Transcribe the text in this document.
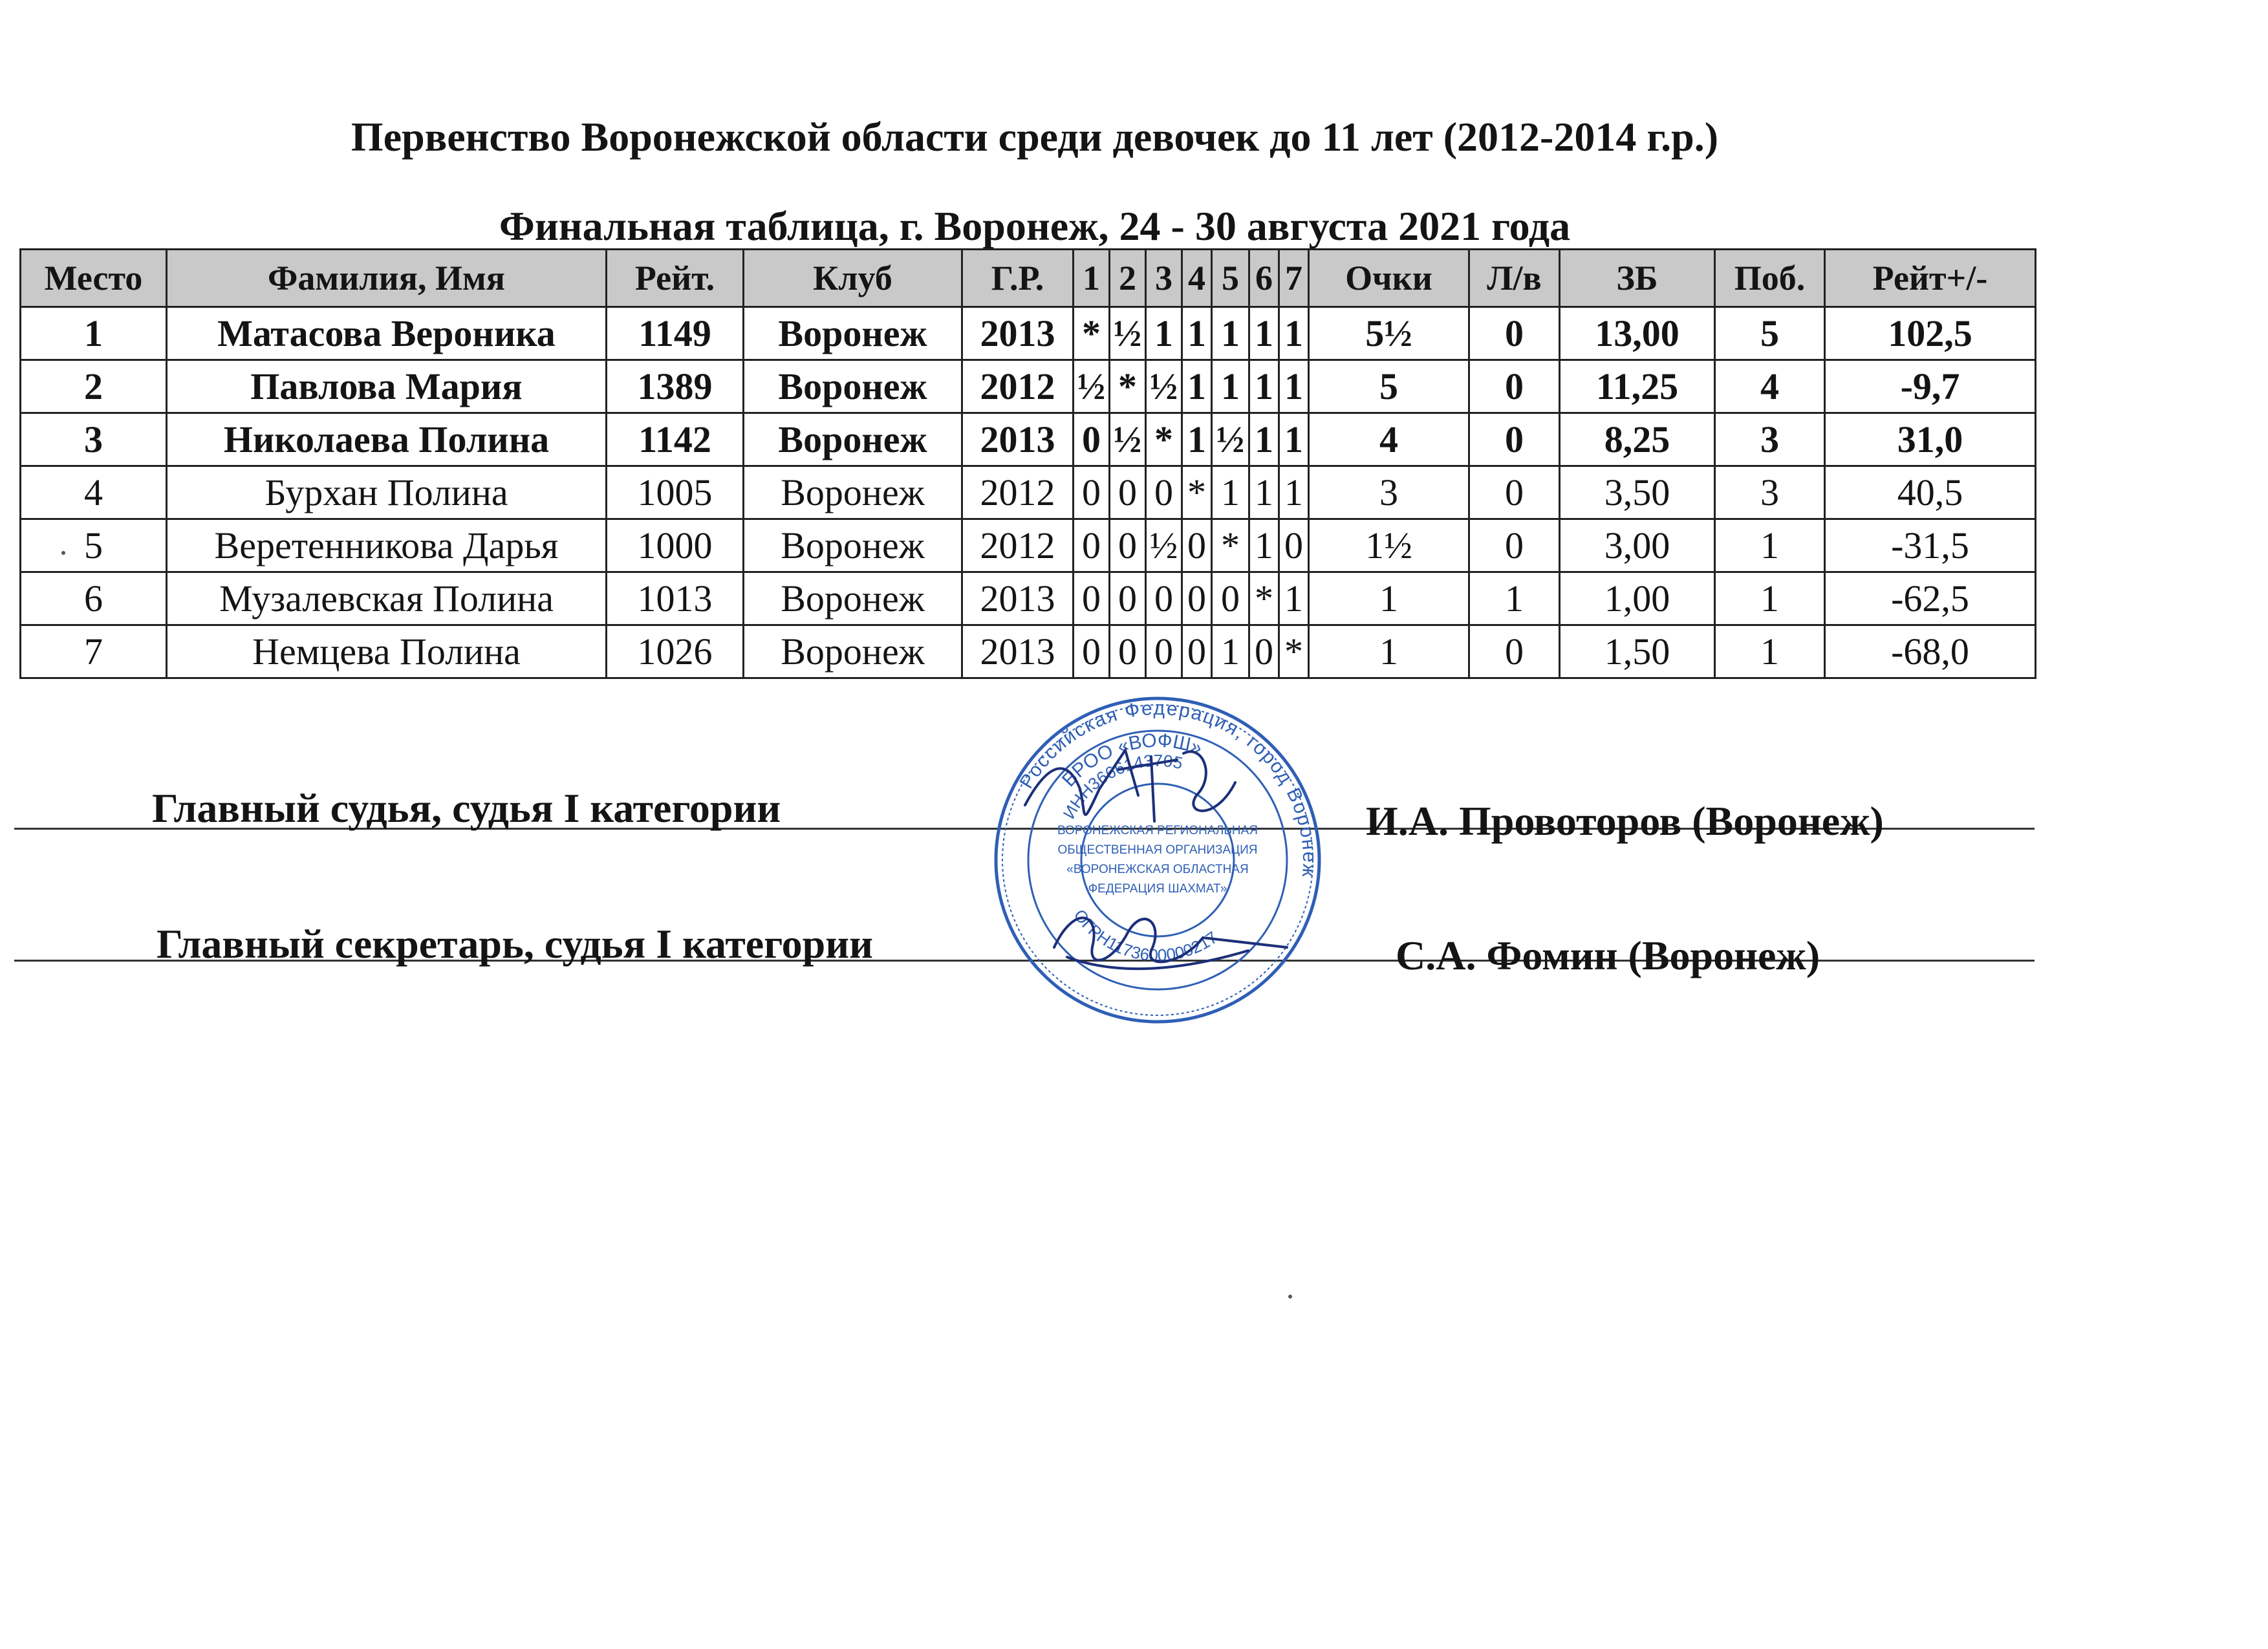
Первенство Воронежской области среди девочек до 11 лет (2012-2014 г.р.)
Финальная таблица, г. Воронеж, 24 - 30 августа 2021 года
Место	Фамилия, Имя	Рейт.	Клуб	Г.Р.	1	2	3	4	5	6	7	Очки	Л/в	ЗБ	Поб.	Рейт+/-
1	Матасова Вероника	1149	Воронеж	2013	*	½	1	1	1	1	1	5½	0	13,00	5	102,5
2	Павлова Мария	1389	Воронеж	2012	½	*	½	1	1	1	1	5	0	11,25	4	-9,7
3	Николаева Полина	1142	Воронеж	2013	0	½	*	1	½	1	1	4	0	8,25	3	31,0
4	Бурхан Полина	1005	Воронеж	2012	0	0	0	*	1	1	1	3	0	3,50	3	40,5
5	Веретенникова Дарья	1000	Воронеж	2012	0	0	½	0	*	1	0	1½	0	3,00	1	-31,5
6	Музалевская Полина	1013	Воронеж	2013	0	0	0	0	0	*	1	1	1	1,00	1	-62,5
7	Немцева Полина	1026	Воронеж	2013	0	0	0	0	1	0	*	1	0	1,50	1	-68,0
Главный судья, судья I категории	И.А. Провоторов (Воронеж)
Главный секретарь, судья I категории	С.А. Фомин (Воронеж)
Российская Федерация, город Воронеж
БРОО «ВОФШ»
ИНН3666143705
ОГРН1173600000217
ВОРОНЕЖСКАЯ РЕГИОНАЛЬНАЯ
ОБЩЕСТВЕННАЯ ОРГАНИЗАЦИЯ
«ВОРОНЕЖСКАЯ ОБЛАСТНАЯ
ФЕДЕРАЦИЯ ШАХМАТ»
